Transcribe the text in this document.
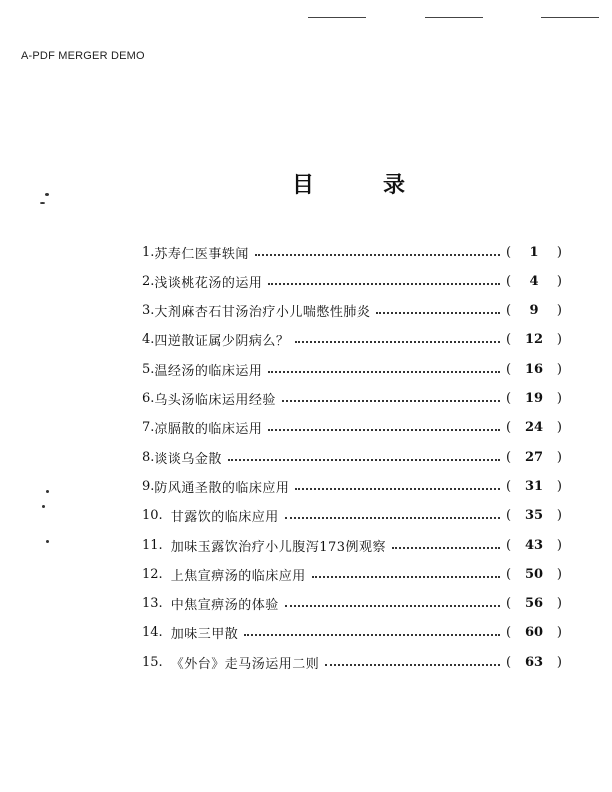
A-PDF MERGER DEMO
目	录
1. 苏寿仁医事轶闻	(	1	)
2. 浅谈桃花汤的运用	(	4	)
3. 大剂麻杏石甘汤治疗小儿喘憋性肺炎	(	9	)
4. 四逆散证属少阴病么？	(	12	)
5. 温经汤的临床运用	(	16	)
6. 乌头汤临床运用经验	(	19	)
7. 凉膈散的临床运用	(	24	)
8. 谈谈乌金散	(	27	)
9. 防风通圣散的临床应用	(	31	)
10. 甘露饮的临床应用	(	35	)
11. 加味玉露饮治疗小儿腹泻173例观察	(	43	)
12. 上焦宣痹汤的临床应用	(	50	)
13. 中焦宣痹汤的体验	(	56	)
14. 加味三甲散	(	60	)
15. 《外台》走马汤运用二则	(	63	)
